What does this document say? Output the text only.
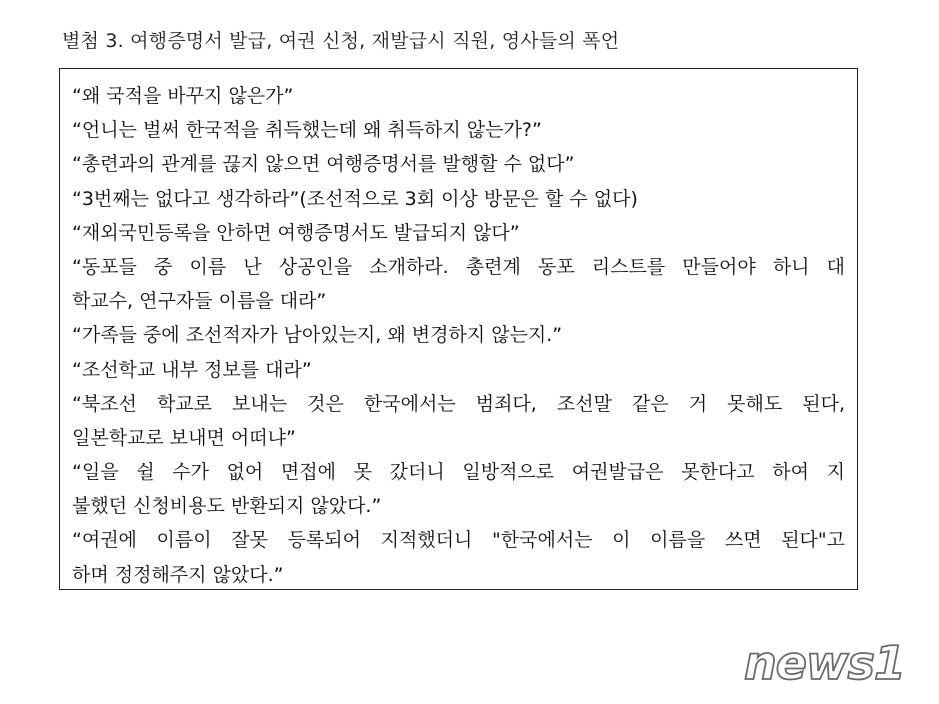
별첨 3. 여행증명서 발급, 여권 신청, 재발급시 직원, 영사들의 폭언
“왜 국적을 바꾸지 않은가”
“언니는 벌써 한국적을 취득했는데 왜 취득하지 않는가?”
“총련과의 관계를 끊지 않으면 여행증명서를 발행할 수 없다”
“3번째는 없다고 생각하라”(조선적으로 3회 이상 방문은 할 수 없다)
“재외국민등록을 안하면 여행증명서도 발급되지 않다”
“동포들 중 이름 난 상공인을 소개하라. 총련계 동포 리스트를 만들어야 하니 대
학교수, 연구자들 이름을 대라”
“가족들 중에 조선적자가 남아있는지, 왜 변경하지 않는지.”
“조선학교 내부 정보를 대라”
“북조선 학교로 보내는 것은 한국에서는 범죄다, 조선말 같은 거 못해도 된다,
일본학교로 보내면 어떠냐”
“일을 쉴 수가 없어 면접에 못 갔더니 일방적으로 여권발급은 못한다고 하여 지
불했던 신청비용도 반환되지 않았다.”
“여권에 이름이 잘못 등록되어 지적했더니 "한국에서는 이 이름을 쓰면 된다"고
하며 정정해주지 않았다.”
news1
